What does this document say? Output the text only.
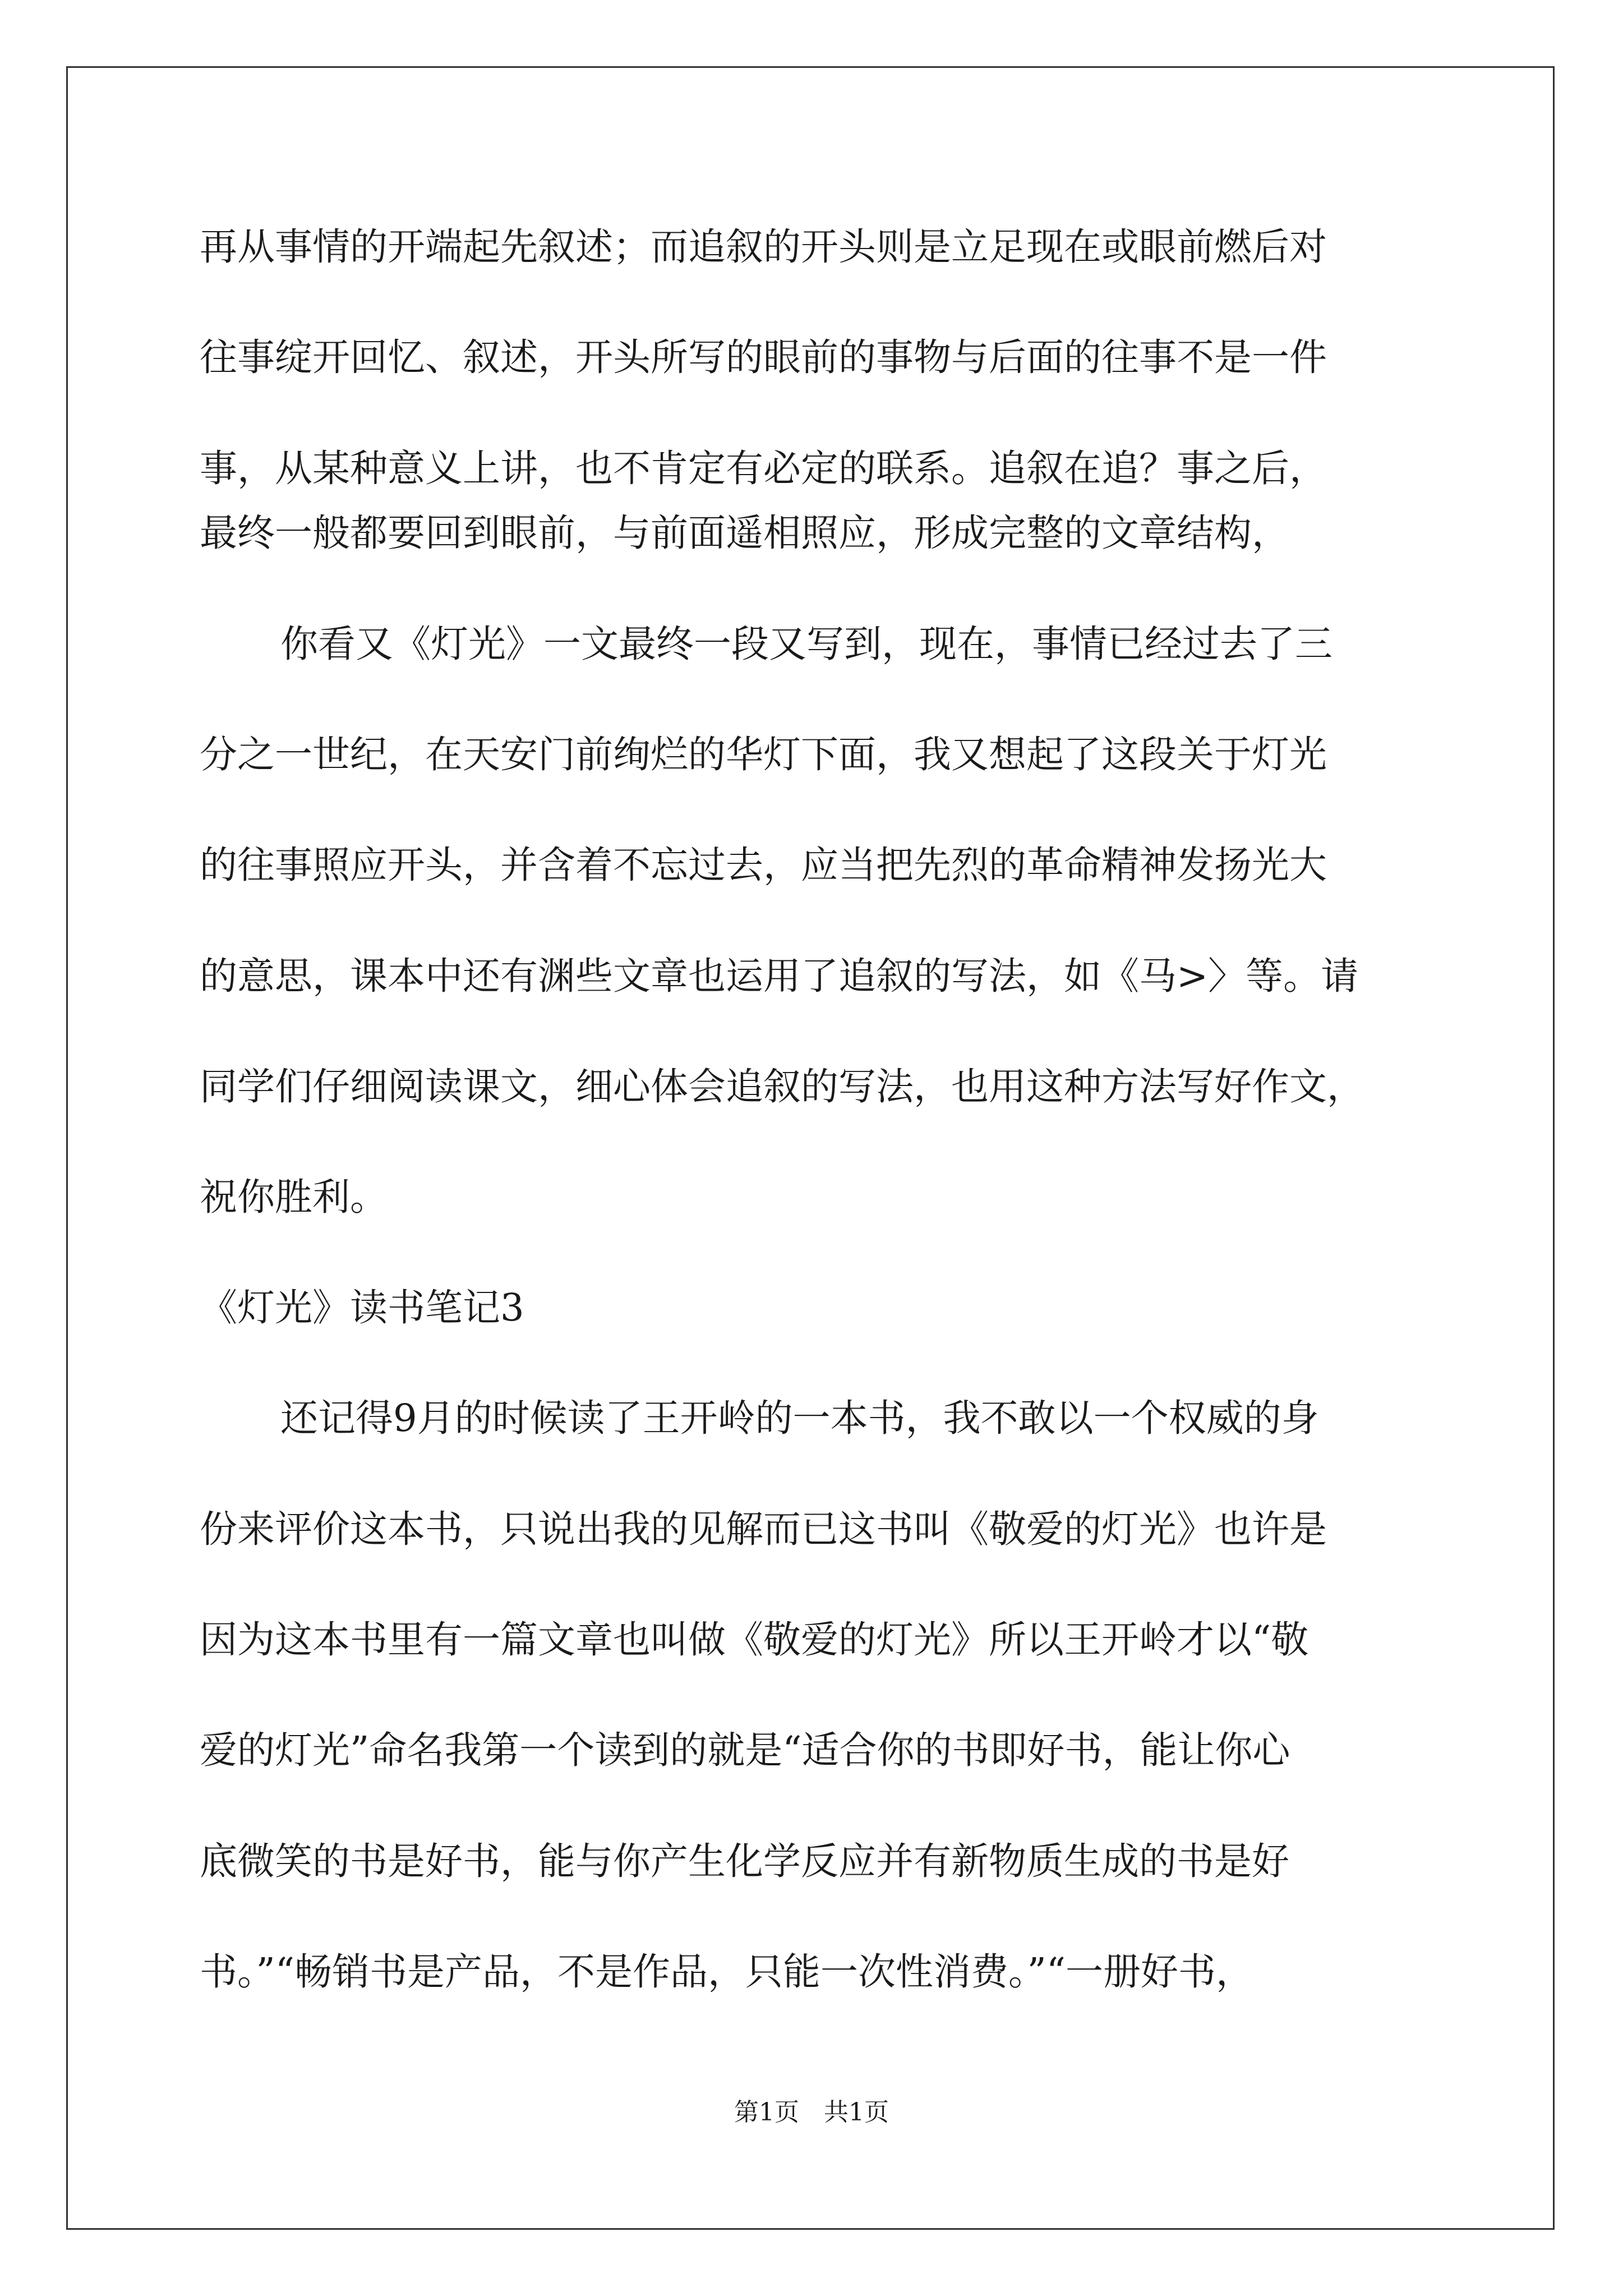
再从事情的开端起先叙述；而追叙的开头则是立足现在或眼前燃后对
往事绽开回忆、叙述，开头所写的眼前的事物与后面的往事不是一件
事，从某种意义上讲，也不肯定有必定的联系。追叙在追？事之后，
最终一般都要回到眼前，与前面遥相照应，形成完整的文章结构，
你看又《灯光》一文最终一段又写到，现在，事情已经过去了三
分之一世纪，在天安门前绚烂的华灯下面，我又想起了这段关于灯光
的往事照应开头，并含着不忘过去，应当把先烈的革命精神发扬光大
的意思，课本中还有渊些文章也运用了追叙的写法，如《马>〉等。请
同学们仔细阅读课文，细心体会追叙的写法，也用这种方法写好作文，
祝你胜利。
《灯光》读书笔记3
还记得9月的时候读了王开岭的一本书，我不敢以一个权威的身
份来评价这本书，只说出我的见解而已这书叫《敬爱的灯光》也许是
因为这本书里有一篇文章也叫做《敬爱的灯光》所以王开岭才以“敬
爱的灯光”命名我第一个读到的就是“适合你的书即好书，能让你心
底微笑的书是好书，能与你产生化学反应并有新物质生成的书是好
书。”“畅销书是产品，不是作品，只能一次性消费。”“一册好书，
第1页　共1页
